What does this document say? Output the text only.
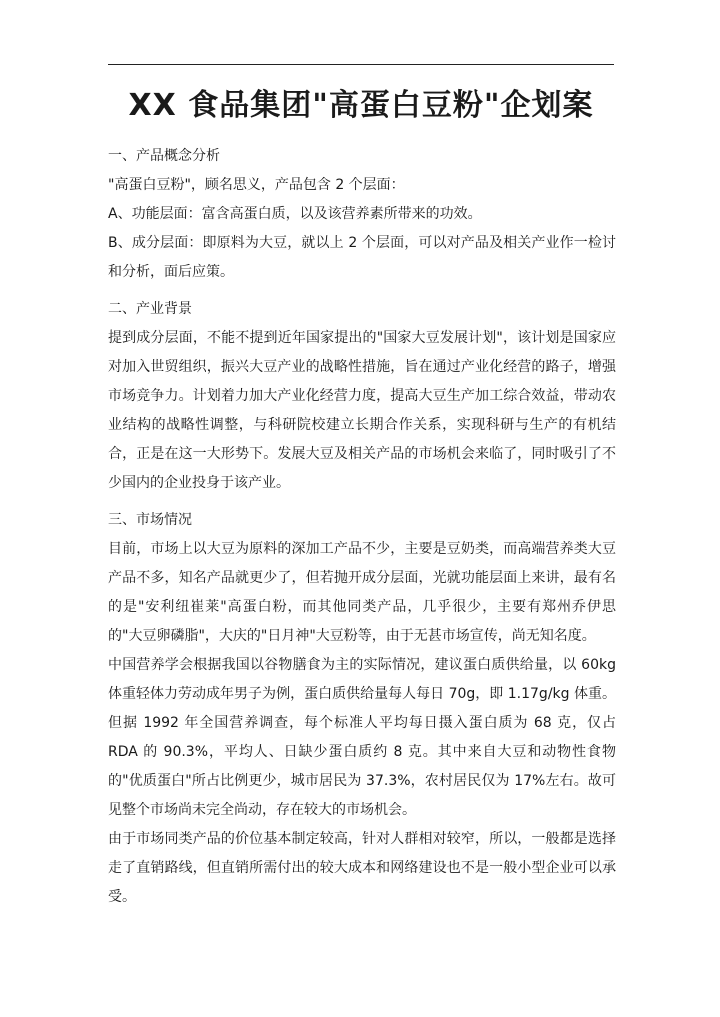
XX 食品集团"高蛋白豆粉"企划案
一、产品概念分析
"高蛋白豆粉"，顾名思义，产品包含 2 个层面：
A、功能层面：富含高蛋白质，以及该营养素所带来的功效。
B、成分层面：即原料为大豆，就以上 2 个层面，可以对产品及相关产业作一检讨和分析，面后应策。
二、产业背景
提到成分层面，不能不提到近年国家提出的"国家大豆发展计划"，该计划是国家应对加入世贸组织，振兴大豆产业的战略性措施，旨在通过产业化经营的路子，增强市场竞争力。计划着力加大产业化经营力度，提高大豆生产加工综合效益，带动农业结构的战略性调整，与科研院校建立长期合作关系，实现科研与生产的有机结合，正是在这一大形势下。发展大豆及相关产品的市场机会来临了，同时吸引了不少国内的企业投身于该产业。
三、市场情况
目前，市场上以大豆为原料的深加工产品不少，主要是豆奶类，而高端营养类大豆产品不多，知名产品就更少了，但若抛开成分层面，光就功能层面上来讲，最有名的是"安利纽崔莱"高蛋白粉，而其他同类产品，几乎很少，主要有郑州乔伊思的"大豆卵磷脂"，大庆的"日月神"大豆粉等，由于无甚市场宣传，尚无知名度。
中国营养学会根据我国以谷物膳食为主的实际情况，建议蛋白质供给量，以 60kg 体重轻体力劳动成年男子为例，蛋白质供给量每人每日 70g，即 1.17g/kg 体重。但据 1992 年全国营养调查，每个标准人平均每日摄入蛋白质为 68 克，仅占 RDA 的 90.3%，平均人、日缺少蛋白质约 8 克。其中来自大豆和动物性食物的"优质蛋白"所占比例更少，城市居民为 37.3%，农村居民仅为 17%左右。故可见整个市场尚未完全尚动，存在较大的市场机会。
由于市场同类产品的价位基本制定较高，针对人群相对较窄，所以，一般都是选择走了直销路线，但直销所需付出的较大成本和网络建设也不是一般小型企业可以承受。
